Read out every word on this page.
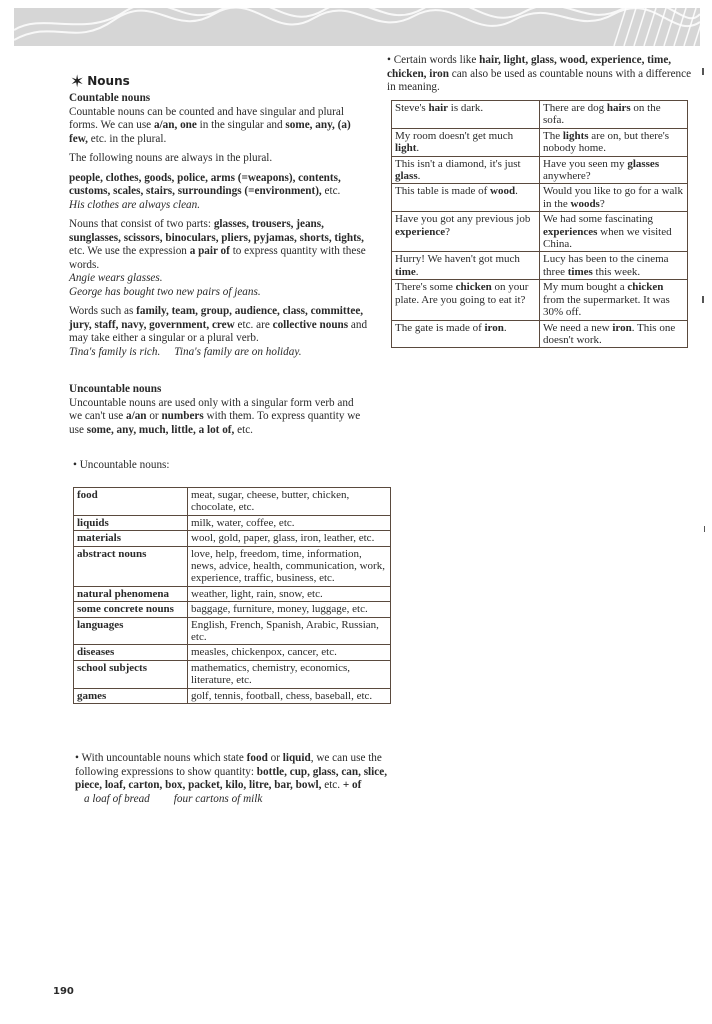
✶ Nouns

Countable nouns

Countable nouns can be counted and have singular and plural forms. We can use a/an, one in the singular and some, any, (a) few, etc. in the plural.

The following nouns are always in the plural.

people, clothes, goods, police, arms (=weapons), contents, customs, scales, stairs, surroundings (=environment), etc.

His clothes are always clean.

Nouns that consist of two parts: glasses, trousers, jeans, sunglasses, scissors, binoculars, pliers, pyjamas, shorts, tights, etc. We use the expression a pair of to express quantity with these words.

Angie wears glasses.

George has bought two new pairs of jeans.

Words such as family, team, group, audience, class, committee, jury, staff, navy, government, crew etc. are collective nouns and may take either a singular or a plural verb.

Tina's family is rich. Tina's family are on holiday.

Uncountable nouns

Uncountable nouns are used only with a singular form verb and we can't use a/an or numbers with them. To express quantity we use some, any, much, little, a lot of, etc.

• Uncountable nouns:

food	meat, sugar, cheese, butter, chicken, chocolate, etc.
liquids	milk, water, coffee, etc.
materials	wool, gold, paper, glass, iron, leather, etc.
abstract nouns	love, help, freedom, time, information, news, advice, health, communication, work, experience, traffic, business, etc.
natural phenomena	weather, light, rain, snow, etc.
some concrete nouns	baggage, furniture, money, luggage, etc.
languages	English, French, Spanish, Arabic, Russian, etc.
diseases	measles, chickenpox, cancer, etc.
school subjects	mathematics, chemistry, economics, literature, etc.
games	golf, tennis, football, chess, baseball, etc.

• With uncountable nouns which state food or liquid, we can use the following expressions to show quantity: bottle, cup, glass, can, slice, piece, loaf, carton, box, packet, kilo, litre, bar, bowl, etc. + of

a loaf of bread four cartons of milk

• Certain words like hair, light, glass, wood, experience, time, chicken, iron can also be used as countable nouns with a difference in meaning.

Steve's hair is dark.	There are dog hairs on the sofa.
My room doesn't get much light.	The lights are on, but there's nobody home.
This isn't a diamond, it's just glass.	Have you seen my glasses anywhere?
This table is made of wood.	Would you like to go for a walk in the woods?
Have you got any previous job experience?	We had some fascinating experiences when we visited China.
Hurry! We haven't got much time.	Lucy has been to the cinema three times this week.
There's some chicken on your plate. Are you going to eat it?	My mum bought a chicken from the supermarket. It was 30% off.
The gate is made of iron.	We need a new iron. This one doesn't work.
190
